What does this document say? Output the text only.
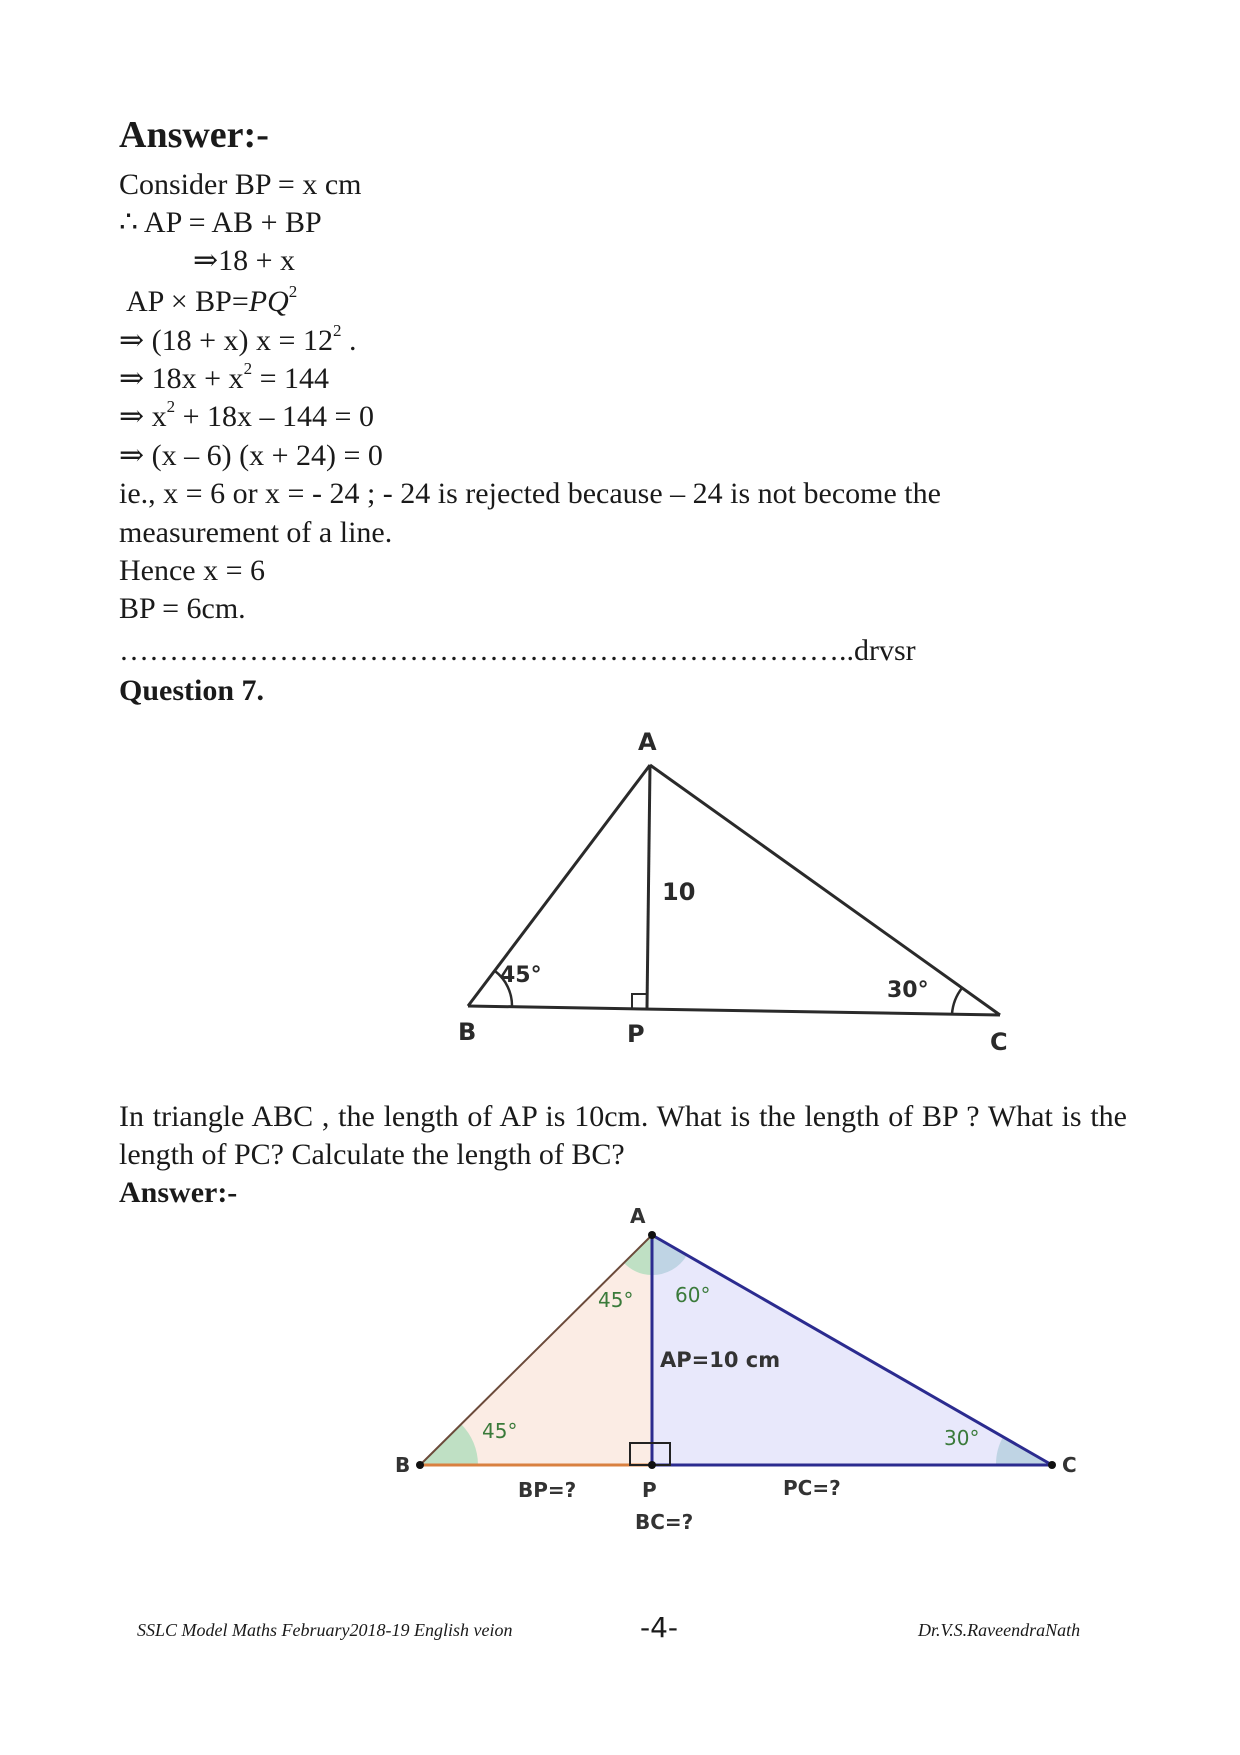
Answer:-
Consider BP = x cm
∴ AP = AB + BP
⇒18 + x
AP × $BP=PQ^2$
⇒ (18 + x) $x = 12^2$ .
⇒ $18x + x^2 = 144$
⇒ $x^2 + 18x - 144 = 0$
⇒ (x – 6) (x + 24) = 0
ie., x = 6 or x = - 24 ; - 24 is rejected because – 24 is not become the
measurement of a line.
Hence x = 6
BP = 6cm.
………………………………………………………………..drvsr
Question 7.
A
B	P	C
10
45°
30°
In triangle ABC , the length of AP is 10cm. What is the length of BP ? What is the length of PC? Calculate the length of BC?
Answer:-
A
B
P
C
45° 60°
AP=10 cm
45°	30°
BP=?	PC=?
BC=?
SSLC Model Maths February2018-19 English veion	-4-	Dr.V.S.RaveendraNath
